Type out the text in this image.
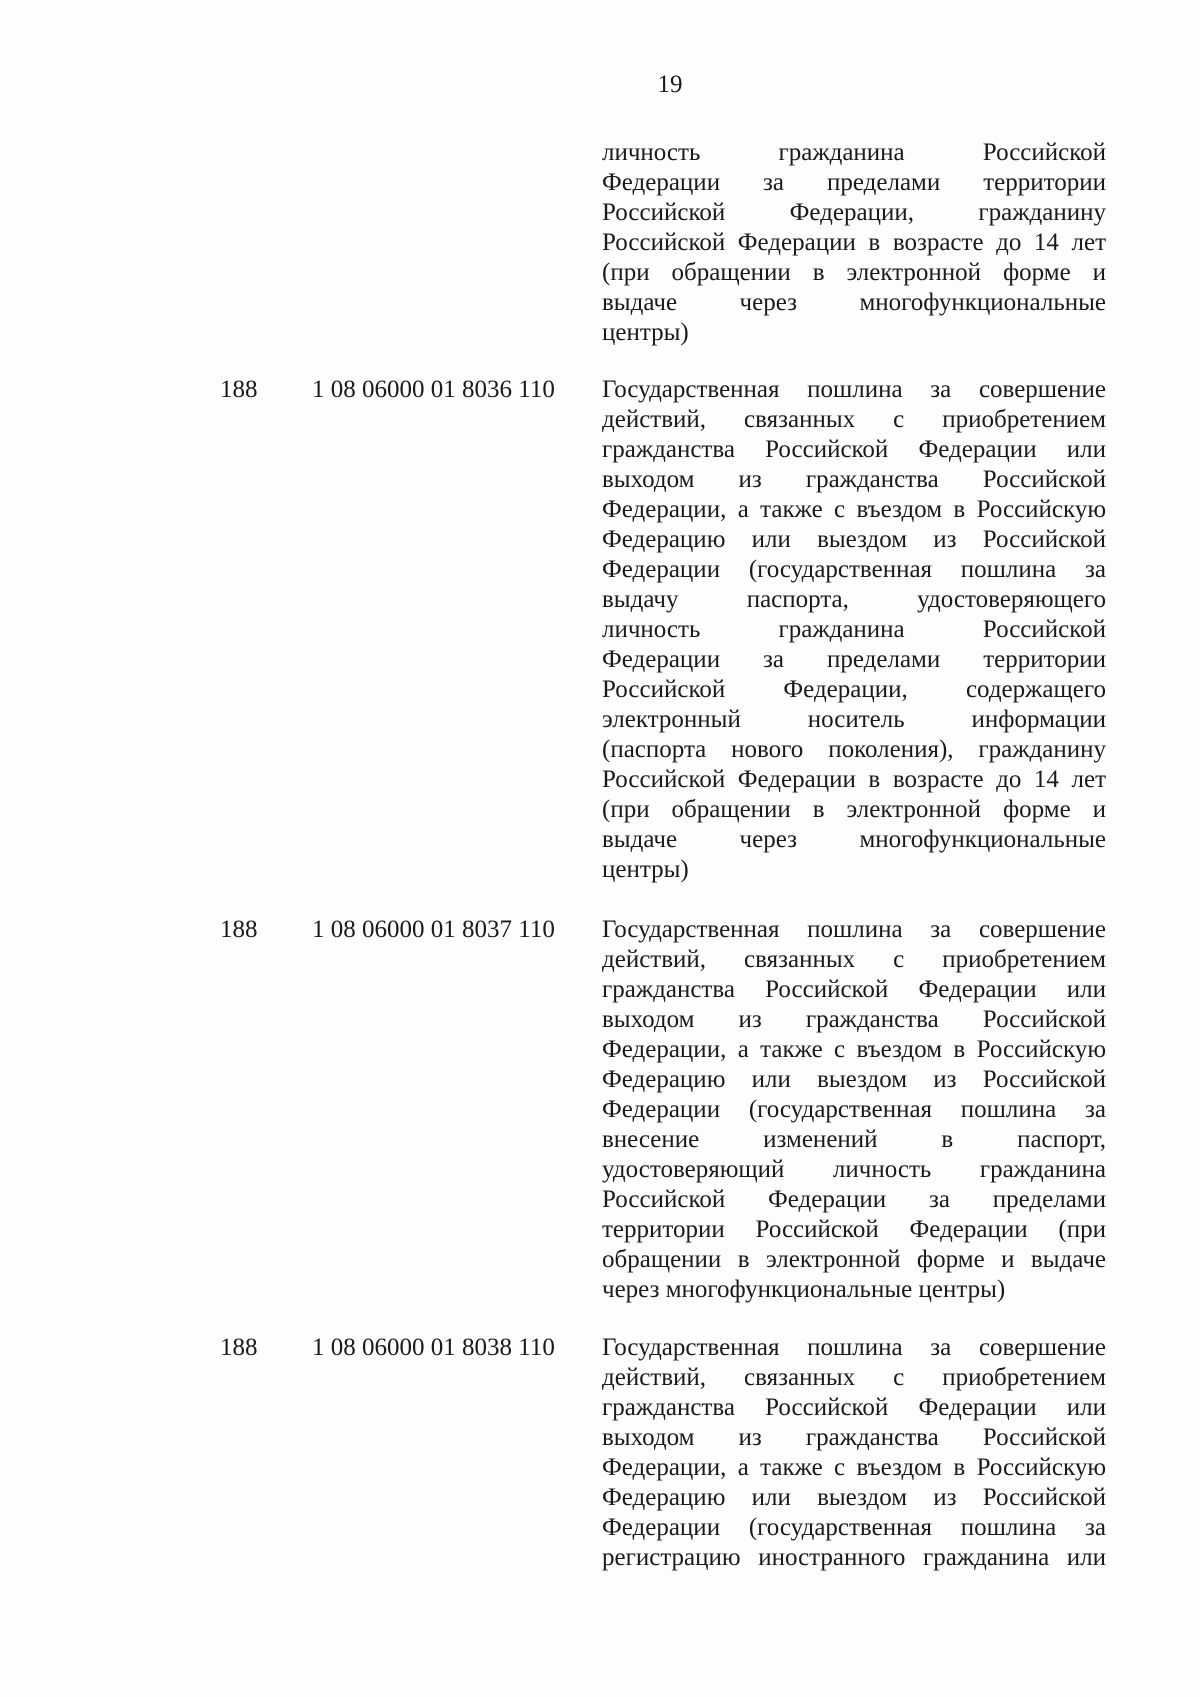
19
личность гражданина Российской
Федерации за пределами территории
Российской Федерации, гражданину
Российской Федерации в возрасте до 14 лет
(при обращении в электронной форме и
выдаче через многофункциональные
центры)
188 1 08 06000 01 8036 110 Государственная пошлина за совершение
действий, связанных с приобретением
гражданства Российской Федерации или
выходом из гражданства Российской
Федерации, а также с въездом в Российскую
Федерацию или выездом из Российской
Федерации (государственная пошлина за
выдачу паспорта, удостоверяющего
личность гражданина Российской
Федерации за пределами территории
Российской Федерации, содержащего
электронный носитель информации
(паспорта нового поколения), гражданину
Российской Федерации в возрасте до 14 лет
(при обращении в электронной форме и
выдаче через многофункциональные
центры)
188 1 08 06000 01 8037 110 Государственная пошлина за совершение
действий, связанных с приобретением
гражданства Российской Федерации или
выходом из гражданства Российской
Федерации, а также с въездом в Российскую
Федерацию или выездом из Российской
Федерации (государственная пошлина за
внесение изменений в паспорт,
удостоверяющий личность гражданина
Российской Федерации за пределами
территории Российской Федерации (при
обращении в электронной форме и выдаче
через многофункциональные центры)
188 1 08 06000 01 8038 110 Государственная пошлина за совершение
действий, связанных с приобретением
гражданства Российской Федерации или
выходом из гражданства Российской
Федерации, а также с въездом в Российскую
Федерацию или выездом из Российской
Федерации (государственная пошлина за
регистрацию иностранного гражданина или
